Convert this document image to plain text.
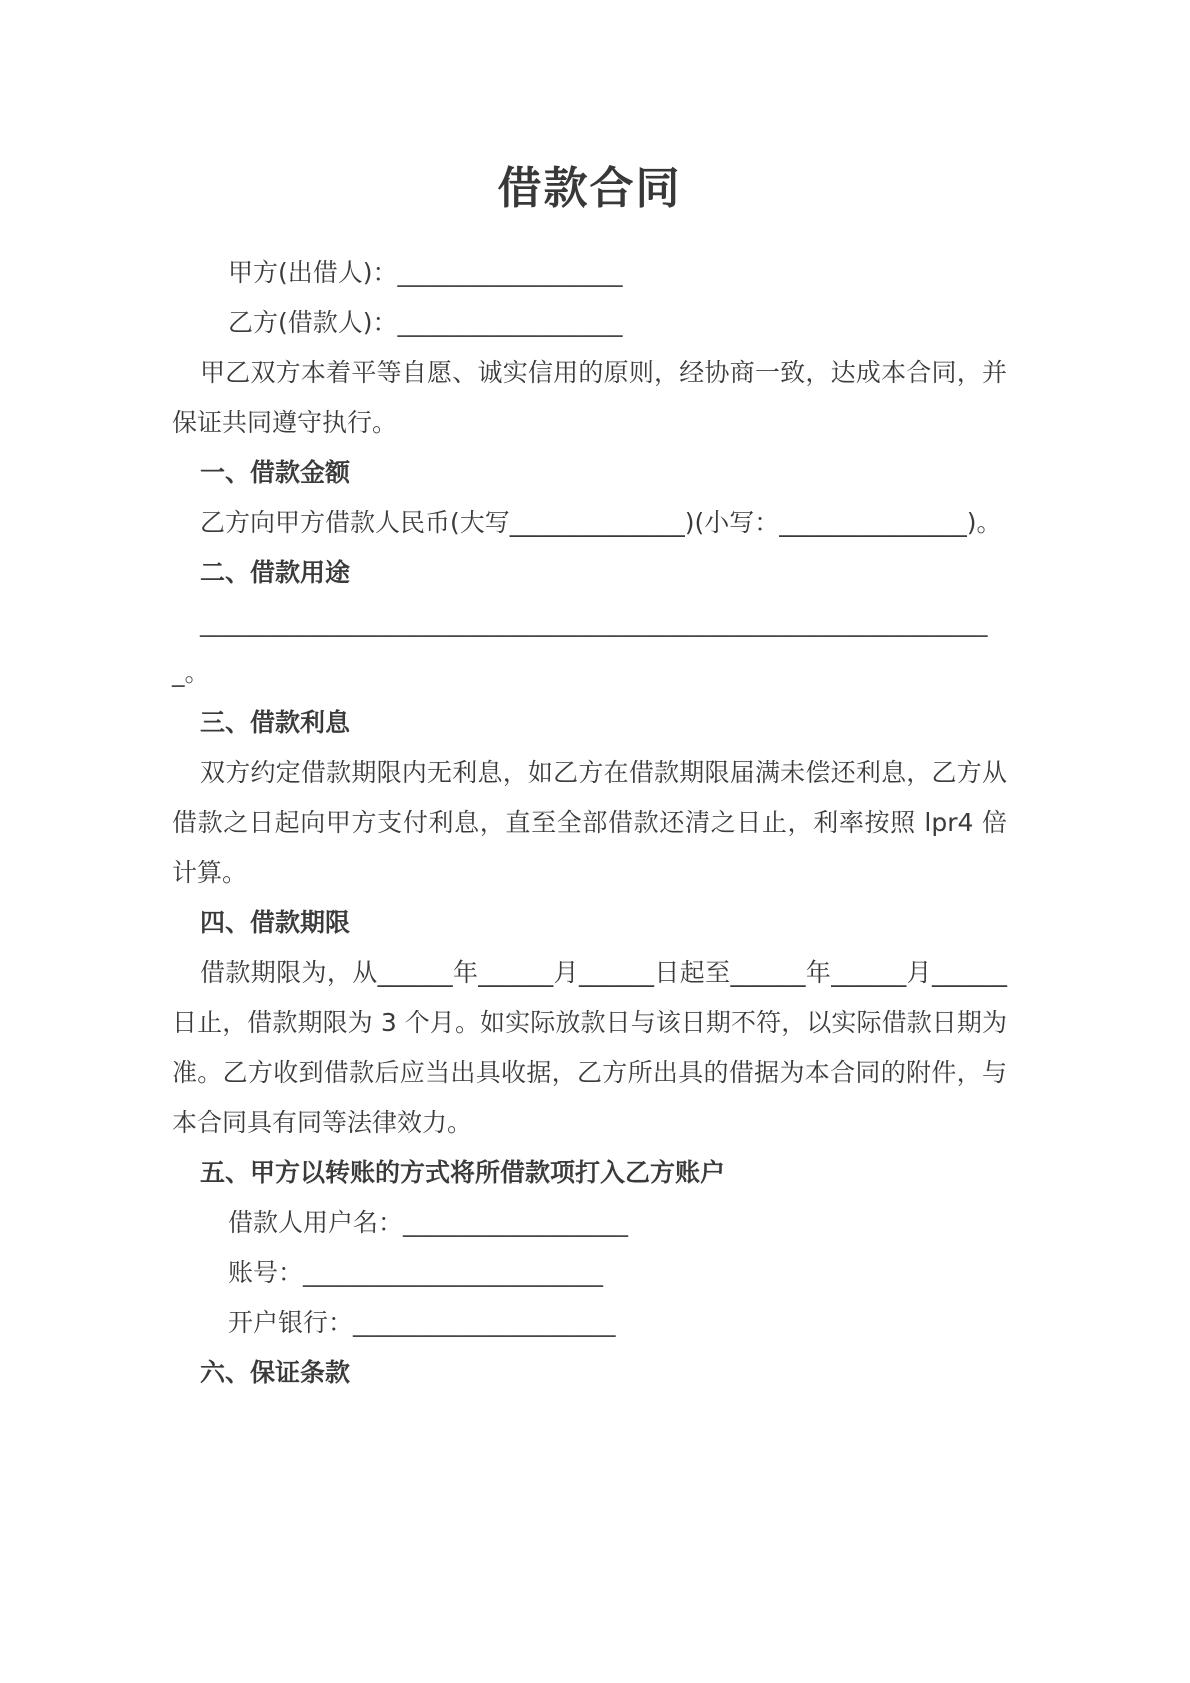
借款合同

甲方(出借人)：__________________

乙方(借款人)：__________________

甲乙双方本着平等自愿、诚实信用的原则，经协商一致，达成本合同，并保证共同遵守执行。

一、借款金额

乙方向甲方借款人民币(大写______________)(小写：_______________)。

二、借款用途

________________________________________________________________。

三、借款利息

双方约定借款期限内无利息，如乙方在借款期限届满未偿还利息，乙方从借款之日起向甲方支付利息，直至全部借款还清之日止，利率按照 lpr4 倍计算。

四、借款期限

借款期限为，从______年______月______日起至______年______月______日止，借款期限为 3 个月。如实际放款日与该日期不符，以实际借款日期为准。乙方收到借款后应当出具收据，乙方所出具的借据为本合同的附件，与本合同具有同等法律效力。

五、甲方以转账的方式将所借款项打入乙方账户

借款人用户名：__________________

账号：________________________

开户银行：_____________________

六、保证条款
